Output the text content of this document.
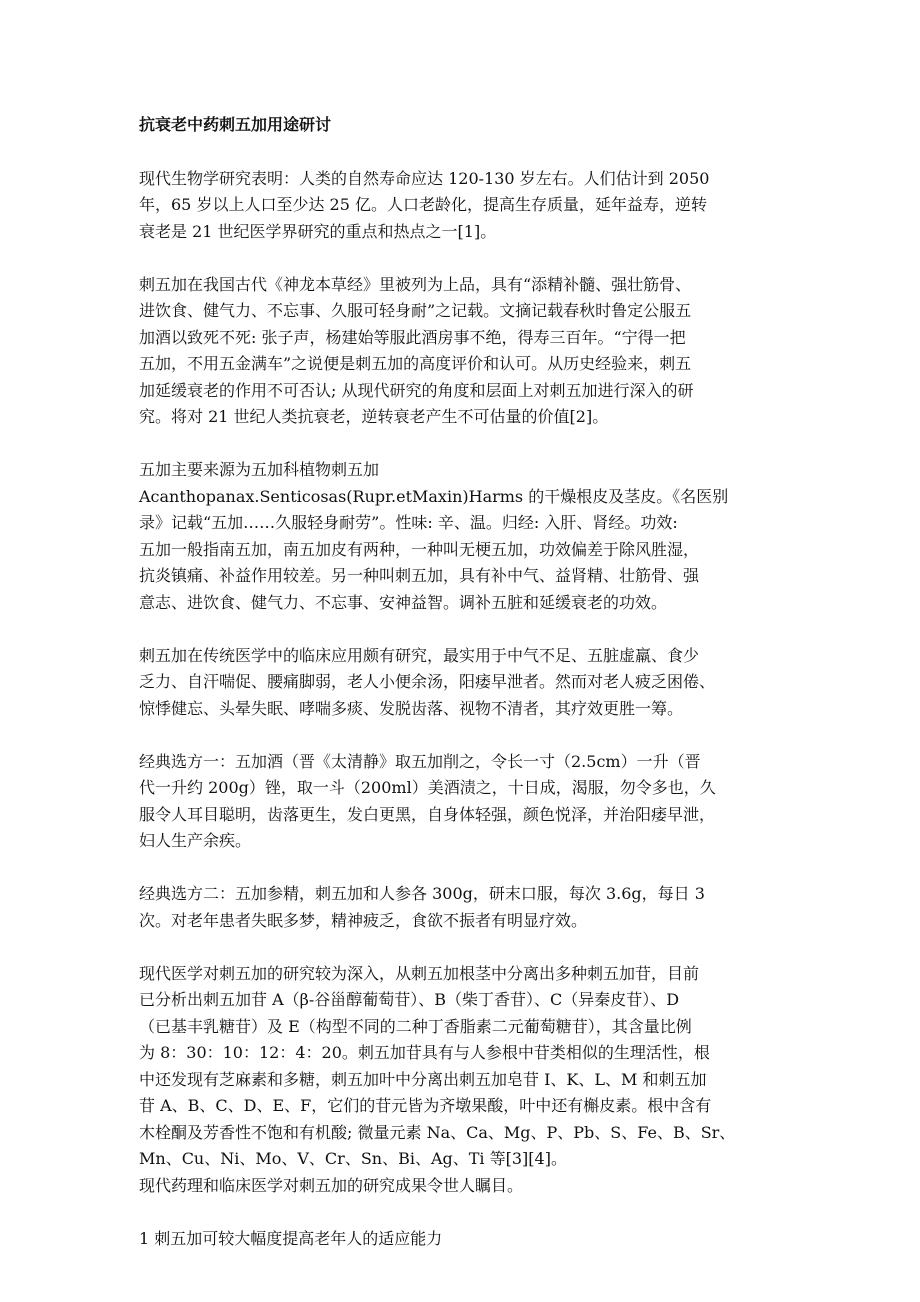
抗衰老中药刺五加用途研讨
现代生物学研究表明：人类的自然寿命应达 120-130 岁左右。人们估计到 2050
年，65 岁以上人口至少达 25 亿。人口老龄化，提高生存质量，延年益寿，逆转
衰老是 21 世纪医学界研究的重点和热点之一[1]。
刺五加在我国古代《神龙本草经》里被列为上品，具有“添精补髓、强壮筋骨、
进饮食、健气力、不忘事、久服可轻身耐”之记载。文摘记载春秋时鲁定公服五
加酒以致死不死: 张子声，杨建始等服此酒房事不绝，得寿三百年。“宁得一把
五加，不用五金满车”之说便是刺五加的高度评价和认可。从历史经验来，刺五
加延缓衰老的作用不可否认; 从现代研究的角度和层面上对刺五加进行深入的研
究。将对 21 世纪人类抗衰老，逆转衰老产生不可估量的价值[2]。
五加主要来源为五加科植物刺五加
Acanthopanax.Senticosas(Rupr.etMaxin)Harms 的干燥根皮及茎皮。《名医别
录》记载“五加……久服轻身耐劳”。性味: 辛、温。归经: 入肝、肾经。功效:
五加一般指南五加，南五加皮有两种，一种叫无梗五加，功效偏差于除风胜湿，
抗炎镇痛、补益作用较差。另一种叫刺五加，具有补中气、益肾精、壮筋骨、强
意志、进饮食、健气力、不忘事、安神益智。调补五脏和延缓衰老的功效。
刺五加在传统医学中的临床应用颇有研究，最实用于中气不足、五脏虚羸、食少
乏力、自汗喘促、腰痛脚弱，老人小便余汤，阳痿早泄者。然而对老人疲乏困倦、
惊悸健忘、头晕失眠、哮喘多痰、发脱齿落、视物不清者，其疗效更胜一筹。
经典选方一：五加酒（晋《太清静》取五加削之，令长一寸（2.5cm）一升（晋
代一升约 200g）锉，取一斗（200ml）美酒渍之，十日成，渴服，勿令多也，久
服令人耳目聪明，齿落更生，发白更黑，自身体轻强，颜色悦泽，并治阳痿早泄，
妇人生产余疾。
经典选方二：五加参精，刺五加和人参各 300g，研末口服，每次 3.6g，每日 3
次。对老年患者失眠多梦，精神疲乏，食欲不振者有明显疗效。
现代医学对刺五加的研究较为深入，从刺五加根茎中分离出多种刺五加苷，目前
已分析出刺五加苷 A（β-谷甾醇葡萄苷）、B（柴丁香苷）、C（异秦皮苷）、D
（已基丰乳糖苷）及 E（构型不同的二种丁香脂素二元葡萄糖苷），其含量比例
为 8：30：10：12：4：20。刺五加苷具有与人参根中苷类相似的生理活性，根
中还发现有芝麻素和多糖，刺五加叶中分离出刺五加皂苷 I、K、L、M 和刺五加
苷 A、B、C、D、E、F，它们的苷元皆为齐墩果酸，叶中还有槲皮素。根中含有
木栓酮及芳香性不饱和有机酸; 微量元素 Na、Ca、Mg、P、Pb、S、Fe、B、Sr、
Mn、Cu、Ni、Mo、V、Cr、Sn、Bi、Ag、Ti 等[3][4]。
现代药理和临床医学对刺五加的研究成果令世人瞩目。
1 刺五加可较大幅度提高老年人的适应能力
